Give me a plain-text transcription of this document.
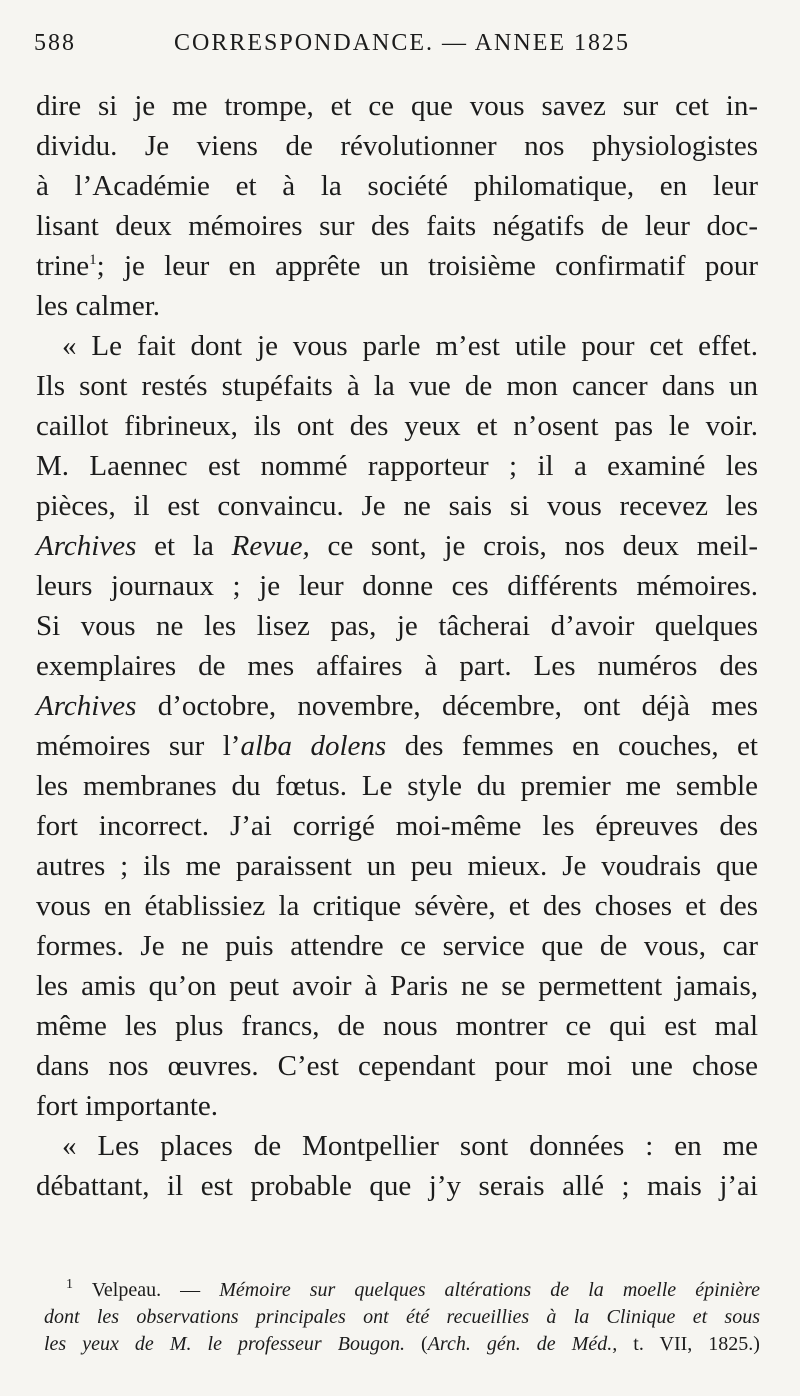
588	CORRESPONDANCE. — ANNEE 1825
dire si je me trompe, et ce que vous savez sur cet in-
dividu. Je viens de révolutionner nos physiologistes
à l’Académie et à la société philomatique, en leur
lisant deux mémoires sur des faits négatifs de leur doc-
trine$^1$; je leur en apprête un troisième confirmatif pour
les calmer.
« Le fait dont je vous parle m’est utile pour cet effet.
Ils sont restés stupéfaits à la vue de mon cancer dans un
caillot fibrineux, ils ont des yeux et n’osent pas le voir.
M. Laennec est nommé rapporteur ; il a examiné les
pièces, il est convaincu. Je ne sais si vous recevez les
Archives et la Revue, ce sont, je crois, nos deux meil-
leurs journaux ; je leur donne ces différents mémoires.
Si vous ne les lisez pas, je tâcherai d’avoir quelques
exemplaires de mes affaires à part. Les numéros des
Archives d’octobre, novembre, décembre, ont déjà mes
mémoires sur l’alba dolens des femmes en couches, et
les membranes du fœtus. Le style du premier me semble
fort incorrect. J’ai corrigé moi-même les épreuves des
autres ; ils me paraissent un peu mieux. Je voudrais que
vous en établissiez la critique sévère, et des choses et des
formes. Je ne puis attendre ce service que de vous, car
les amis qu’on peut avoir à Paris ne se permettent jamais,
même les plus francs, de nous montrer ce qui est mal
dans nos œuvres. C’est cependant pour moi une chose
fort importante.
« Les places de Montpellier sont données : en me
débattant, il est probable que j’y serais allé ; mais j’ai
$^1$ Velpeau. — Mémoire sur quelques altérations de la moelle épinière
dont les observations principales ont été recueillies à la Clinique et sous
les yeux de M. le professeur Bougon. (Arch. gén. de Méd., t. VII, 1825.)
